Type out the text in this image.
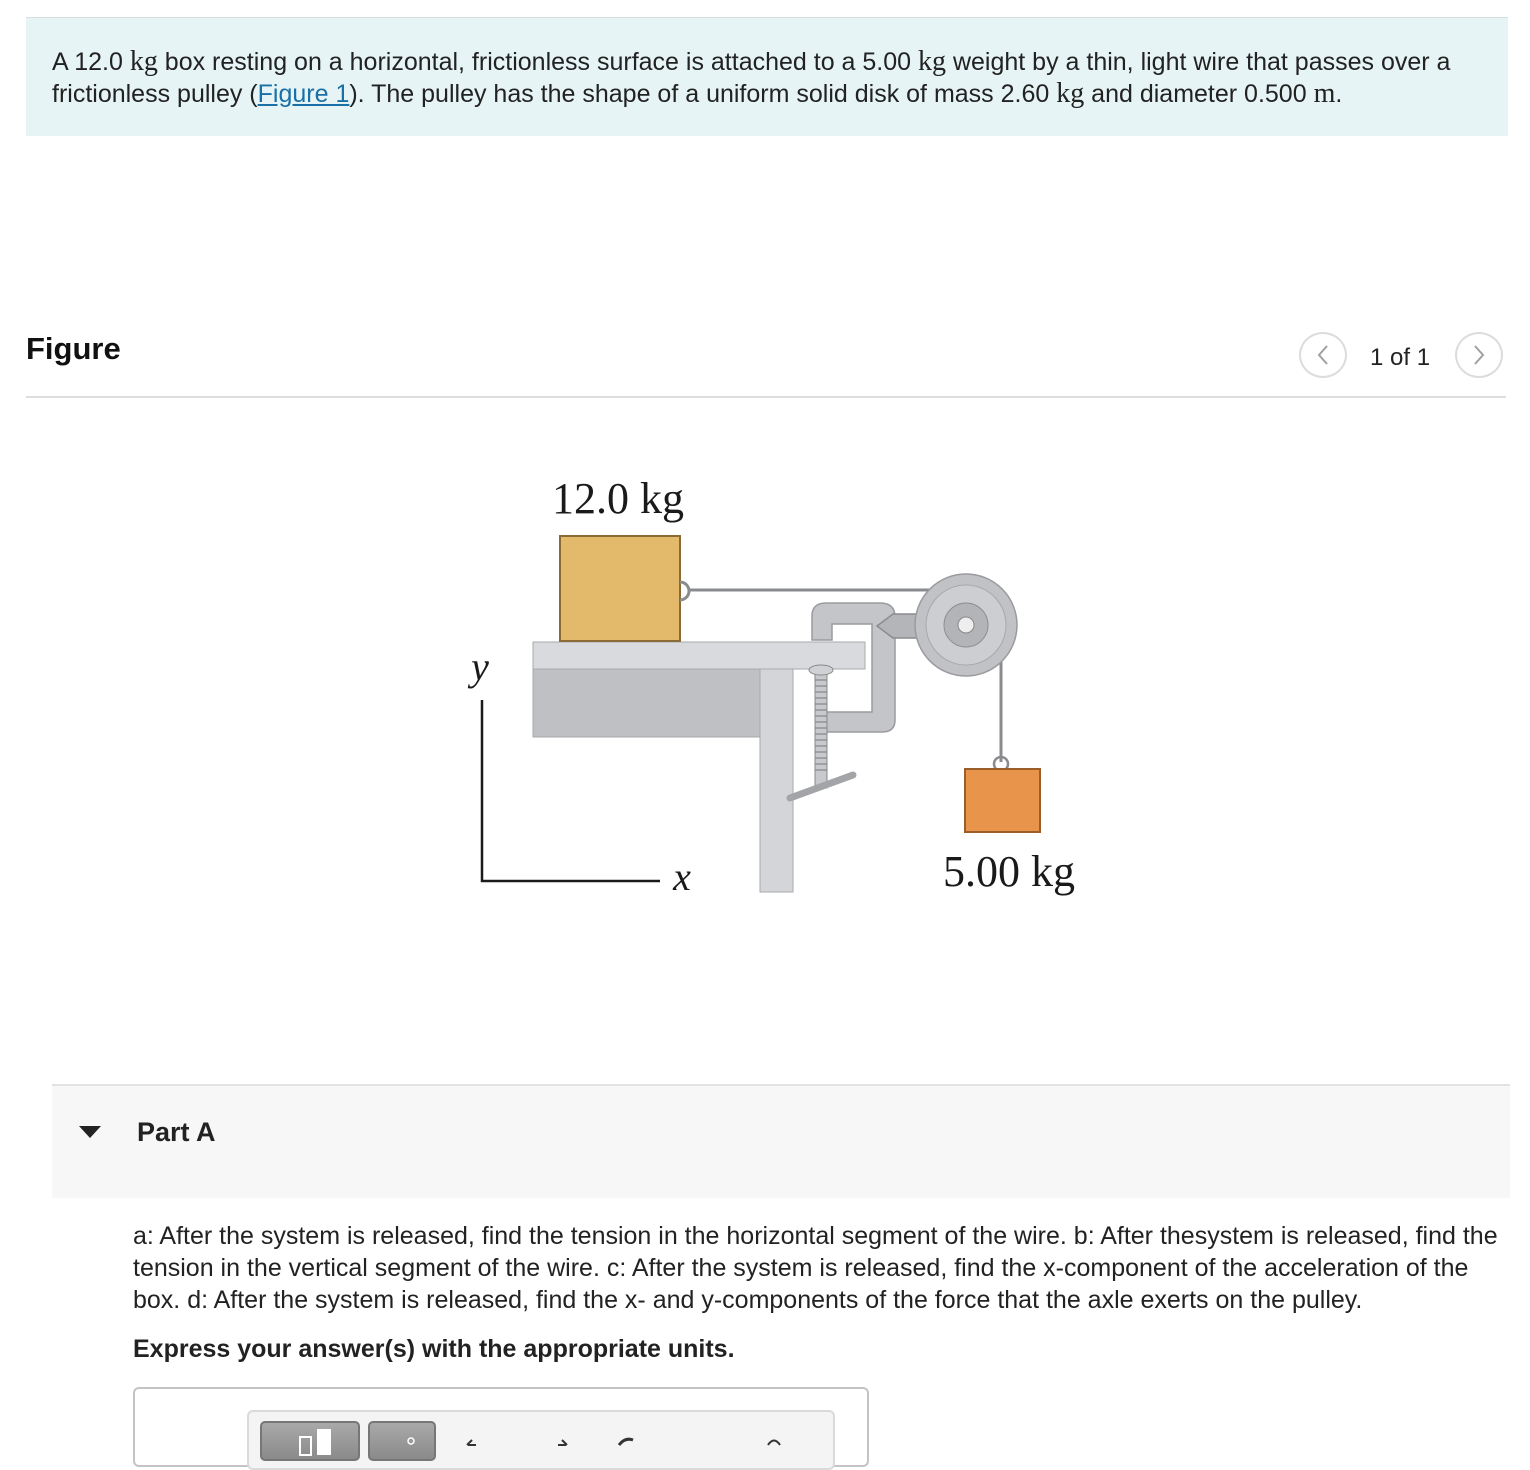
A 12.0 kg box resting on a horizontal, frictionless surface is attached to a 5.00 kg weight by a thin, light wire that passes over a frictionless pulley (Figure 1). The pulley has the shape of a uniform solid disk of mass 2.60 kg and diameter 0.500 m.
Figure	1 of 1
12.0 kg
5.00 kg
y
x
Part A
a: After the system is released, find the tension in the horizontal segment of the wire. b: After thesystem is released, find the tension in the vertical segment of the wire. c: After the system is released, find the x-component of the acceleration of the box. d: After the system is released, find the x- and y-components of the force that the axle exerts on the pulley.
Express your answer(s) with the appropriate units.
